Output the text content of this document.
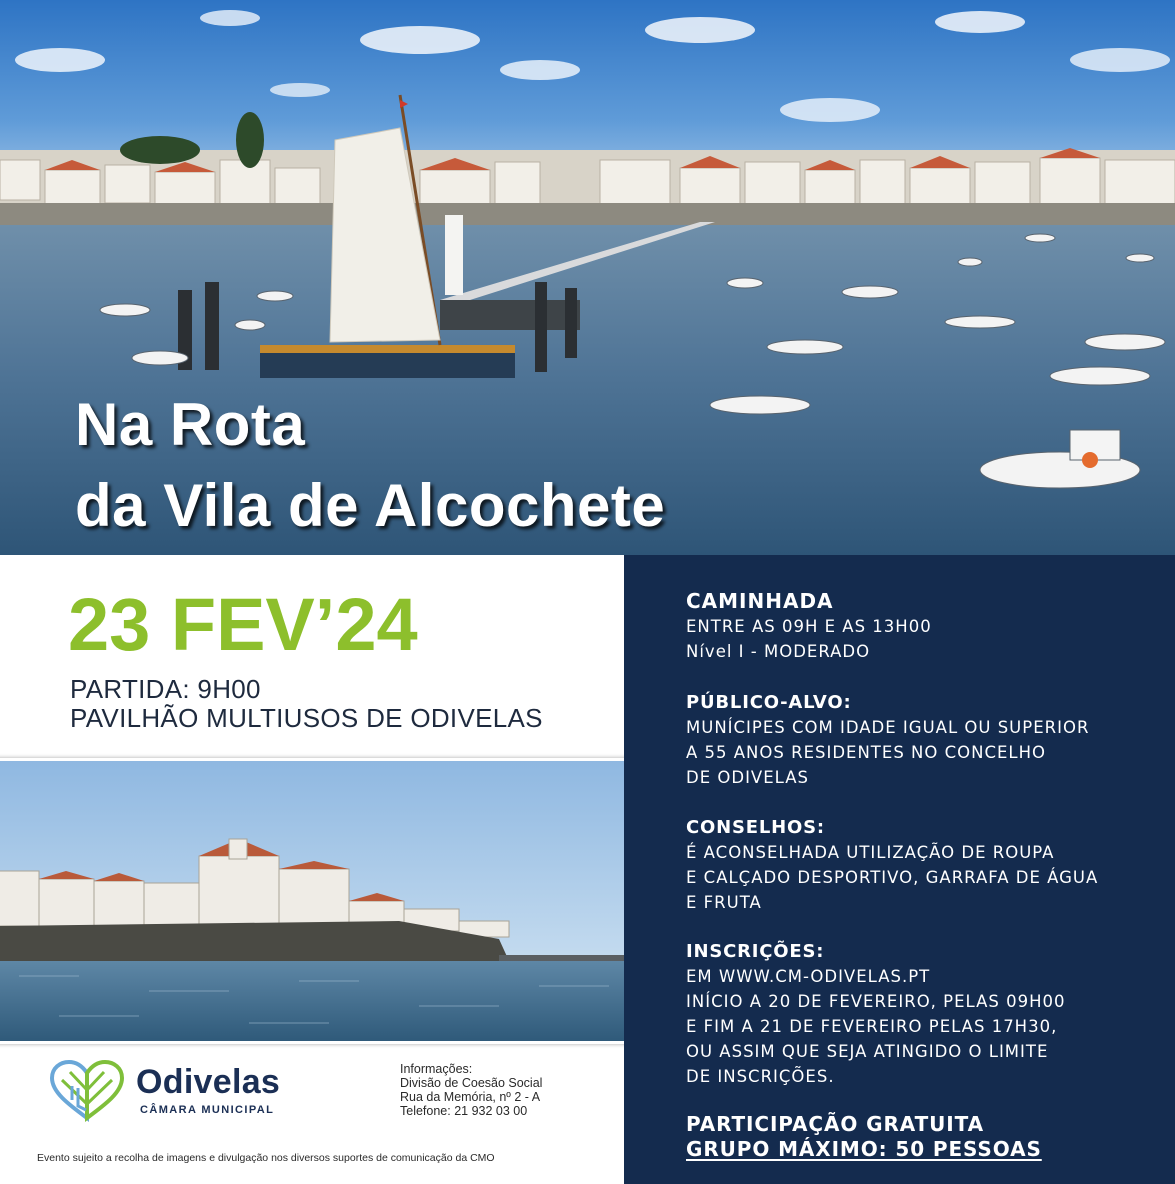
Na Rota
da Vila de Alcochete
23 FEV’24
PARTIDA: 9H00
PAVILHÃO MULTIUSOS DE ODIVELAS

CAMINHADA

ENTRE AS 09H E AS 13H00

Nível I - MODERADO

PÚBLICO-ALVO:

MUNÍCIPES COM IDADE IGUAL OU SUPERIOR

A 55 ANOS RESIDENTES NO CONCELHO

DE ODIVELAS

CONSELHOS:

É ACONSELHADA UTILIZAÇÃO DE ROUPA

E CALÇADO DESPORTIVO, GARRAFA DE ÁGUA

E FRUTA

INSCRIÇÕES:

EM WWW.CM-ODIVELAS.PT

INÍCIO A 20 DE FEVEREIRO, PELAS 09H00

E FIM A 21 DE FEVEREIRO PELAS 17H30,

OU ASSIM QUE SEJA ATINGIDO O LIMITE

DE INSCRIÇÕES.

PARTICIPAÇÃO GRATUITA

GRUPO MÁXIMO: 50 PESSOAS

Odivelas
CÂMARA MUNICIPAL
Informações:
Divisão de Coesão Social
Rua da Memória, nº 2 - A
Telefone: 21 932 03 00
Evento sujeito a recolha de imagens e divulgação nos diversos suportes de comunicação da CMO
